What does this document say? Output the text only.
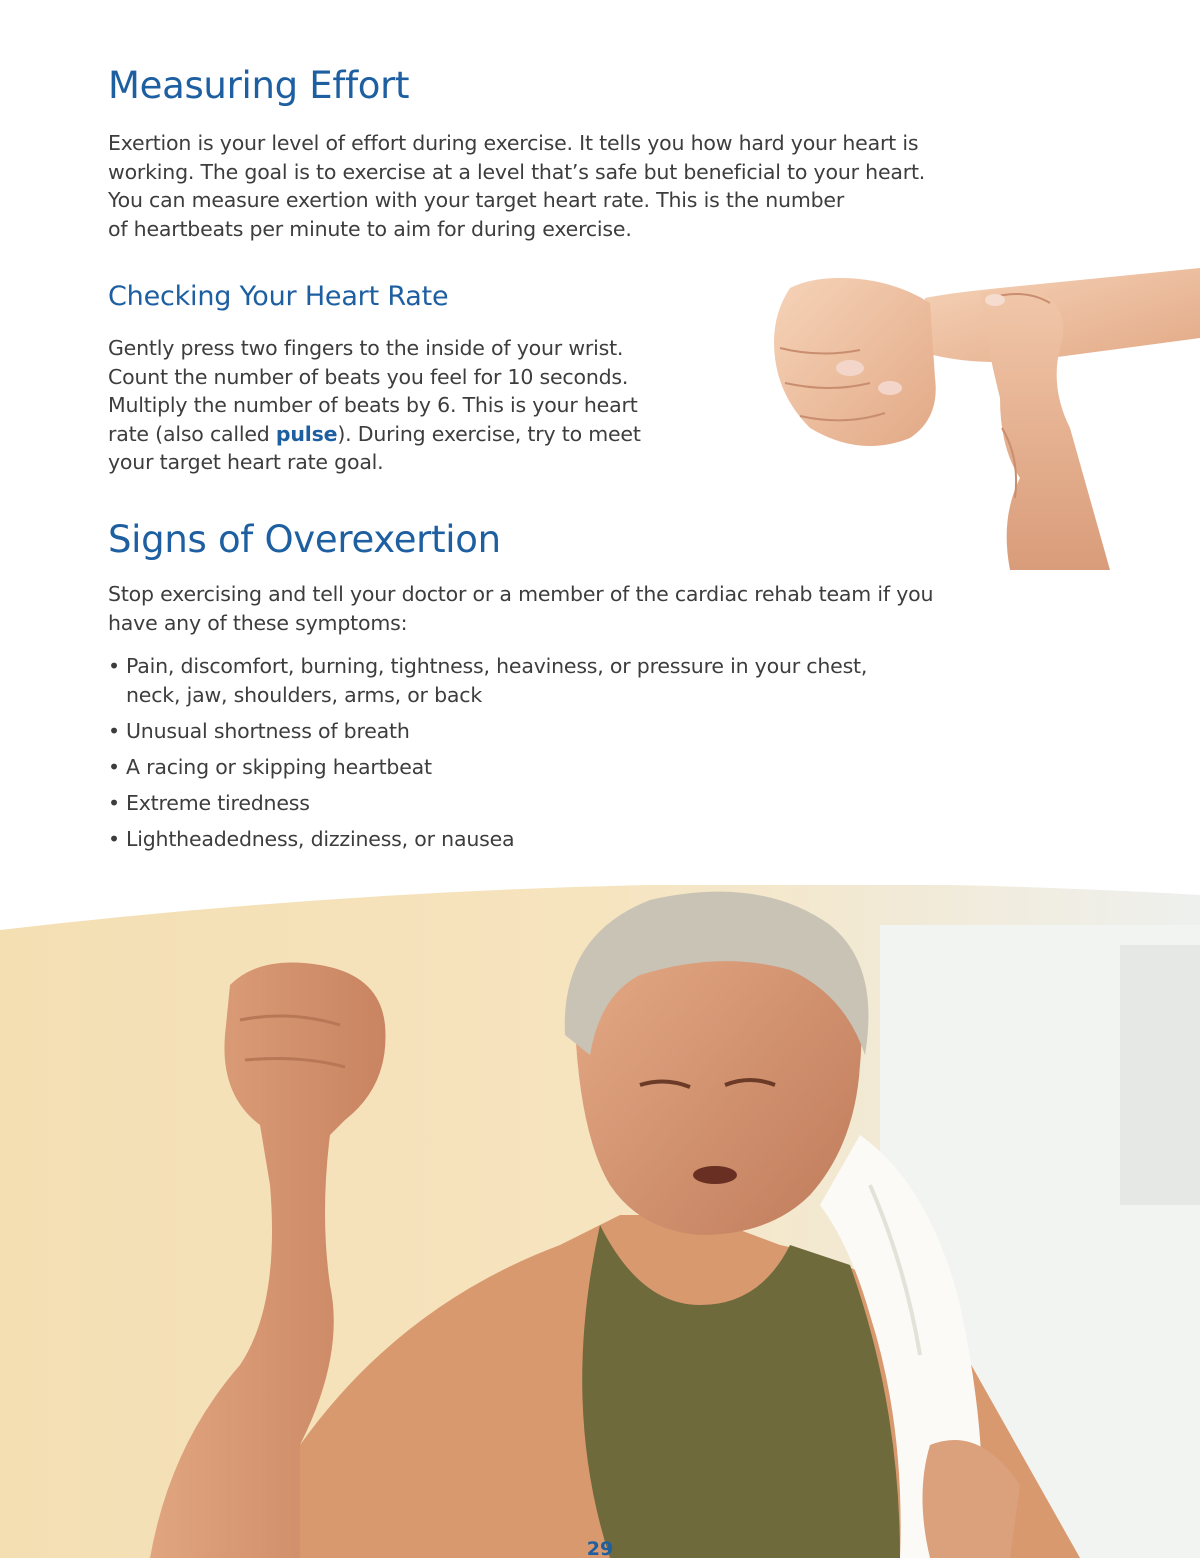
Measuring Effort

Exertion is your level of effort during exercise. It tells you how hard your heart is
working. The goal is to exercise at a level that’s safe but beneficial to your heart.
You can measure exertion with your target heart rate. This is the number
of heartbeats per minute to aim for during exercise.

Checking Your Heart Rate

Gently press two fingers to the inside of your wrist.
Count the number of beats you feel for 10 seconds.
Multiply the number of beats by 6. This is your heart
rate (also called pulse). During exercise, try to meet
your target heart rate goal.

Signs of Overexertion

Stop exercising and tell your doctor or a member of the cardiac rehab team if you
have any of these symptoms:

• Pain, discomfort, burning, tightness, heaviness, or pressure in your chest,
neck, jaw, shoulders, arms, or back
• Unusual shortness of breath
• A racing or skipping heartbeat
• Extreme tiredness
• Lightheadedness, dizziness, or nausea
29
